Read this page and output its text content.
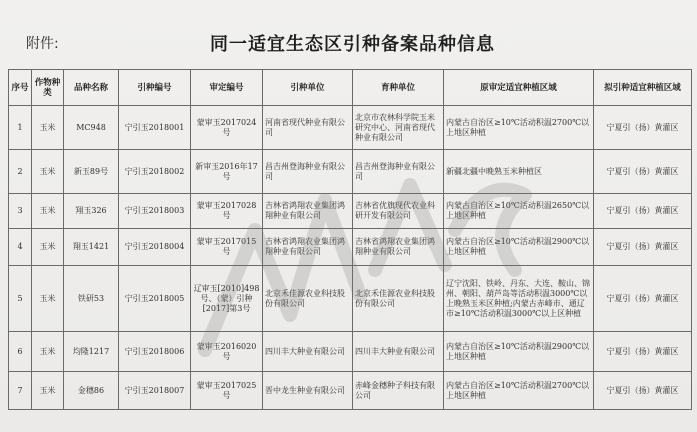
附件:	同一适宜生态区引种备案品种信息
序号	作物种类	品种名称	引种编号	审定编号	引种单位	育种单位	原审定适宜种植区域	拟引种适宜种植区域
1	玉米	MC948	宁引玉2018001	蒙审玉2017024号	河南省现代种业有限公司	北京市农林科学院玉米研究中心、河南省现代种业有限公司	内蒙古自治区≥10℃活动积温2700℃以上地区种植	宁夏引（扬）黄灌区
2	玉米	新玉89号	宁引玉2018002	新审玉2016年17号	昌吉州登海种业有限公司	昌吉州登海种业有限公司	新疆北疆中晚熟玉米种植区	宁夏引（扬）黄灌区
3	玉米	翔玉326	宁引玉2018003	蒙审玉2017028号	吉林省鸿翔农业集团鸿翔种业有限公司	吉林省优旗现代农业科研开发有限公司	内蒙古自治区≥10℃活动积温2650℃以上地区种植	宁夏引（扬）黄灌区
4	玉米	翔玉1421	宁引玉2018004	蒙审玉2017015号	吉林省鸿翔农业集团鸿翔种业有限公司	吉林省鸿翔农业集团鸿翔种业有限公司	内蒙古自治区≥10℃活动积温2900℃以上地区种植	宁夏引（扬）黄灌区
5	玉米	铁研53	宁引玉2018005	辽审玉[2010]498号、（蒙）引种[2017]第3号	北京禾佳源农业科技股份有限公司	北京禾佳源农业科技股份有限公司	辽宁沈阳、铁岭、丹东、大连、鞍山、锦州、朝阳、葫芦岛等活动积温3000℃以上晚熟玉米区种植;内蒙古赤峰市、通辽市≥10℃活动积温3000℃以上区种植	宁夏引（扬）黄灌区
6	玉米	均隆1217	宁引玉2018006	蒙审玉2016020号	四川丰大种业有限公司	四川丰大种业有限公司	内蒙古自治区≥10℃活动积温2900℃以上地区种植	宁夏引（扬）黄灌区
7	玉米	金穗86	宁引玉2018007	蒙审玉2017025号	晋中龙生种业有限公司	赤峰金穗种子科技有限公司	内蒙古自治区≥10℃活动积温2700℃以上地区种植	宁夏引（扬）黄灌区
